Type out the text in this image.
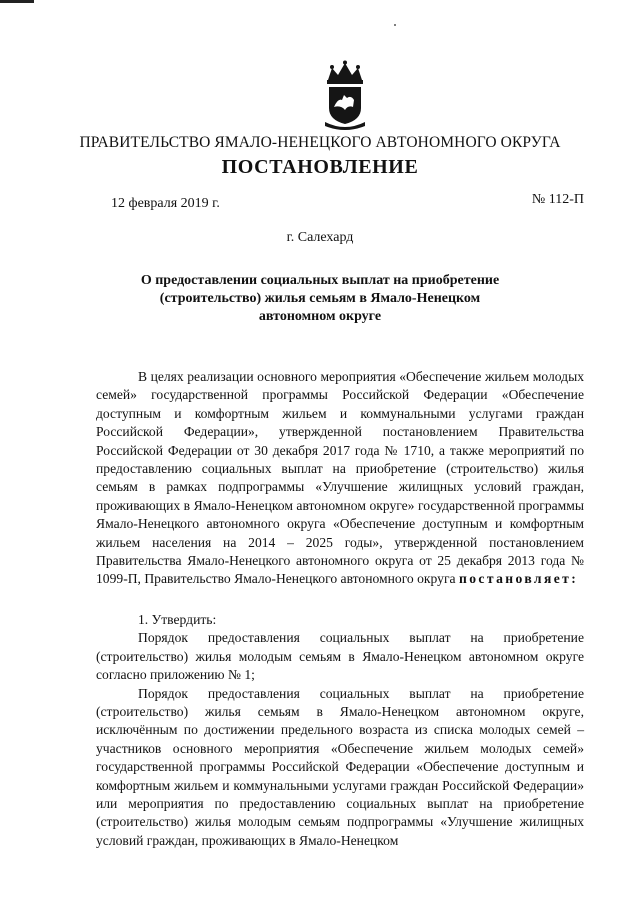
ПРАВИТЕЛЬСТВО ЯМАЛО-НЕНЕЦКОГО АВТОНОМНОГО ОКРУГА
ПОСТАНОВЛЕНИЕ
12 февраля 2019 г.	№ 112-П
г. Салехард
О предоставлении социальных выплат на приобретение
(строительство) жилья семьям в Ямало-Ненецком
автономном округе

В целях реализации основного мероприятия «Обеспечение жильем молодых семей» государственной программы Российской Федерации «Обеспечение доступным и комфортным жильем и коммунальными услугами граждан Российской Федерации», утвержденной постановлением Правительства Российской Федерации от 30 декабря 2017 года № 1710, а также мероприятий по предоставлению социальных выплат на приобретение (строительство) жилья семьям в рамках подпрограммы «Улучшение жилищных условий граждан, проживающих в Ямало-Ненецком автономном округе» государственной программы Ямало-Ненецкого автономного округа «Обеспечение доступным и комфортным жильем населения на 2014 – 2025 годы», утвержденной постановлением Правительства Ямало-Ненецкого автономного округа от 25 декабря 2013 года № 1099-П, Правительство Ямало-Ненецкого автономного округа постановляет:

1. Утвердить:

Порядок предоставления социальных выплат на приобретение (строительство) жилья молодым семьям в Ямало-Ненецком автономном округе согласно приложению № 1;

Порядок предоставления социальных выплат на приобретение (строительство) жилья семьям в Ямало-Ненецком автономном округе, исключённым по достижении предельного возраста из списка молодых семей – участников основного мероприятия «Обеспечение жильем молодых семей» государственной программы Российской Федерации «Обеспечение доступным и комфортным жильем и коммунальными услугами граждан Российской Федерации» или мероприятия по предоставлению социальных выплат на приобретение (строительство) жилья молодым семьям подпрограммы «Улучшение жилищных условий граждан, проживающих в Ямало-Ненецком
